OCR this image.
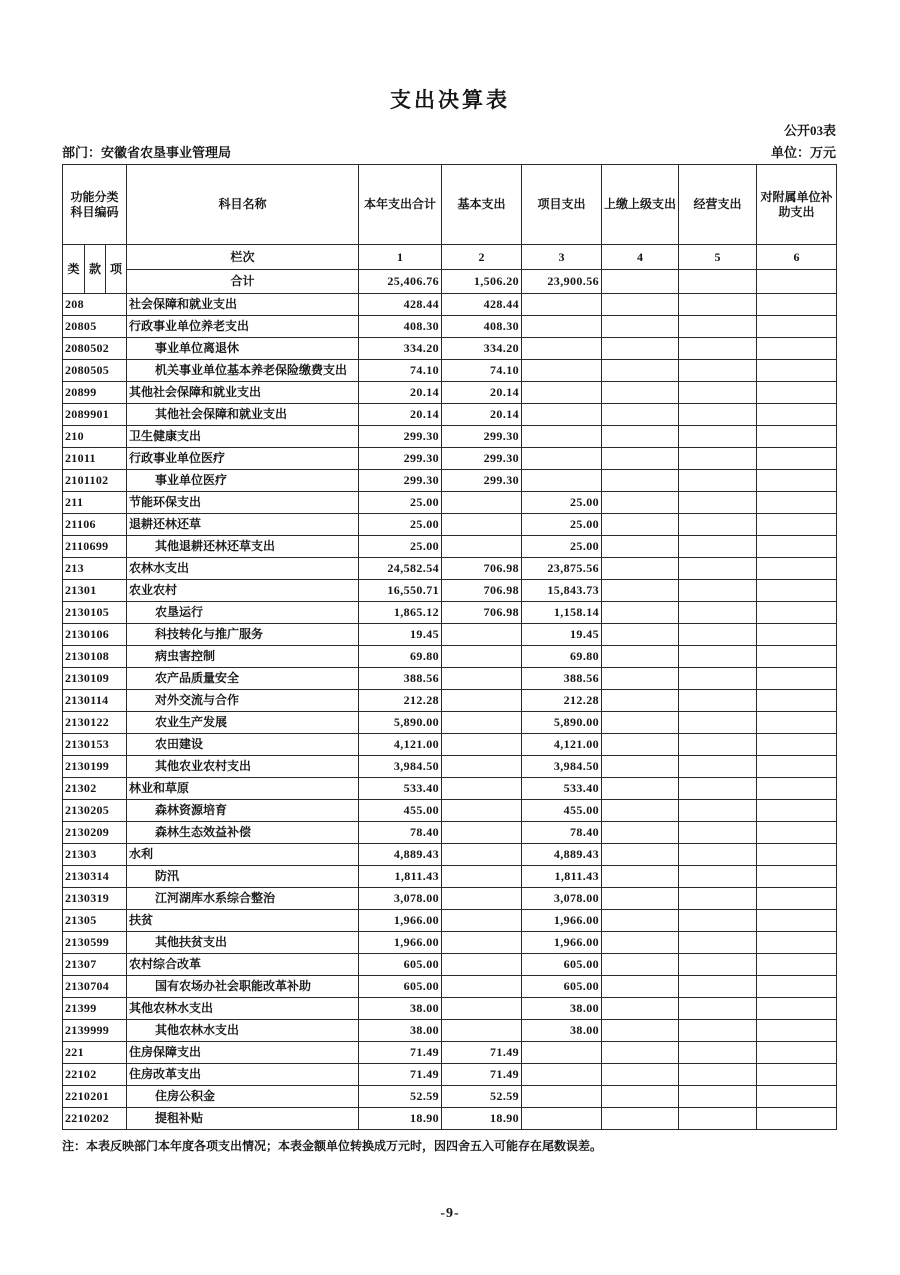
支出决算表
公开03表
部门：安徽省农垦事业管理局	单位：万元
功能分类
科目编码			科目名称	本年支出合计	基本支出	项目支出	上缴上级支出	经营支出	对附属单位补助支出
类	款	项	栏次	1	2	3	4	5	6
			合计	25,406.76	1,506.20	23,900.56			
208			社会保障和就业支出	428.44	428.44				
20805			行政事业单位养老支出	408.30	408.30				
2080502			事业单位离退休	334.20	334.20				
2080505			机关事业单位基本养老保险缴费支出	74.10	74.10				
20899			其他社会保障和就业支出	20.14	20.14				
2089901			其他社会保障和就业支出	20.14	20.14				
210			卫生健康支出	299.30	299.30				
21011			行政事业单位医疗	299.30	299.30				
2101102			事业单位医疗	299.30	299.30				
211			节能环保支出	25.00		25.00			
21106			退耕还林还草	25.00		25.00			
2110699			其他退耕还林还草支出	25.00		25.00			
213			农林水支出	24,582.54	706.98	23,875.56			
21301			农业农村	16,550.71	706.98	15,843.73			
2130105			农垦运行	1,865.12	706.98	1,158.14			
2130106			科技转化与推广服务	19.45		19.45			
2130108			病虫害控制	69.80		69.80			
2130109			农产品质量安全	388.56		388.56			
2130114			对外交流与合作	212.28		212.28			
2130122			农业生产发展	5,890.00		5,890.00			
2130153			农田建设	4,121.00		4,121.00			
2130199			其他农业农村支出	3,984.50		3,984.50			
21302			林业和草原	533.40		533.40			
2130205			森林资源培育	455.00		455.00			
2130209			森林生态效益补偿	78.40		78.40			
21303			水利	4,889.43		4,889.43			
2130314			防汛	1,811.43		1,811.43			
2130319			江河湖库水系综合整治	3,078.00		3,078.00			
21305			扶贫	1,966.00		1,966.00			
2130599			其他扶贫支出	1,966.00		1,966.00			
21307			农村综合改革	605.00		605.00			
2130704			国有农场办社会职能改革补助	605.00		605.00			
21399			其他农林水支出	38.00		38.00			
2139999			其他农林水支出	38.00		38.00			
221			住房保障支出	71.49	71.49				
22102			住房改革支出	71.49	71.49				
2210201			住房公积金	52.59	52.59				
2210202			提租补贴	18.90	18.90				
注：本表反映部门本年度各项支出情况；本表金额单位转换成万元时，因四舍五入可能存在尾数误差。
-9-
